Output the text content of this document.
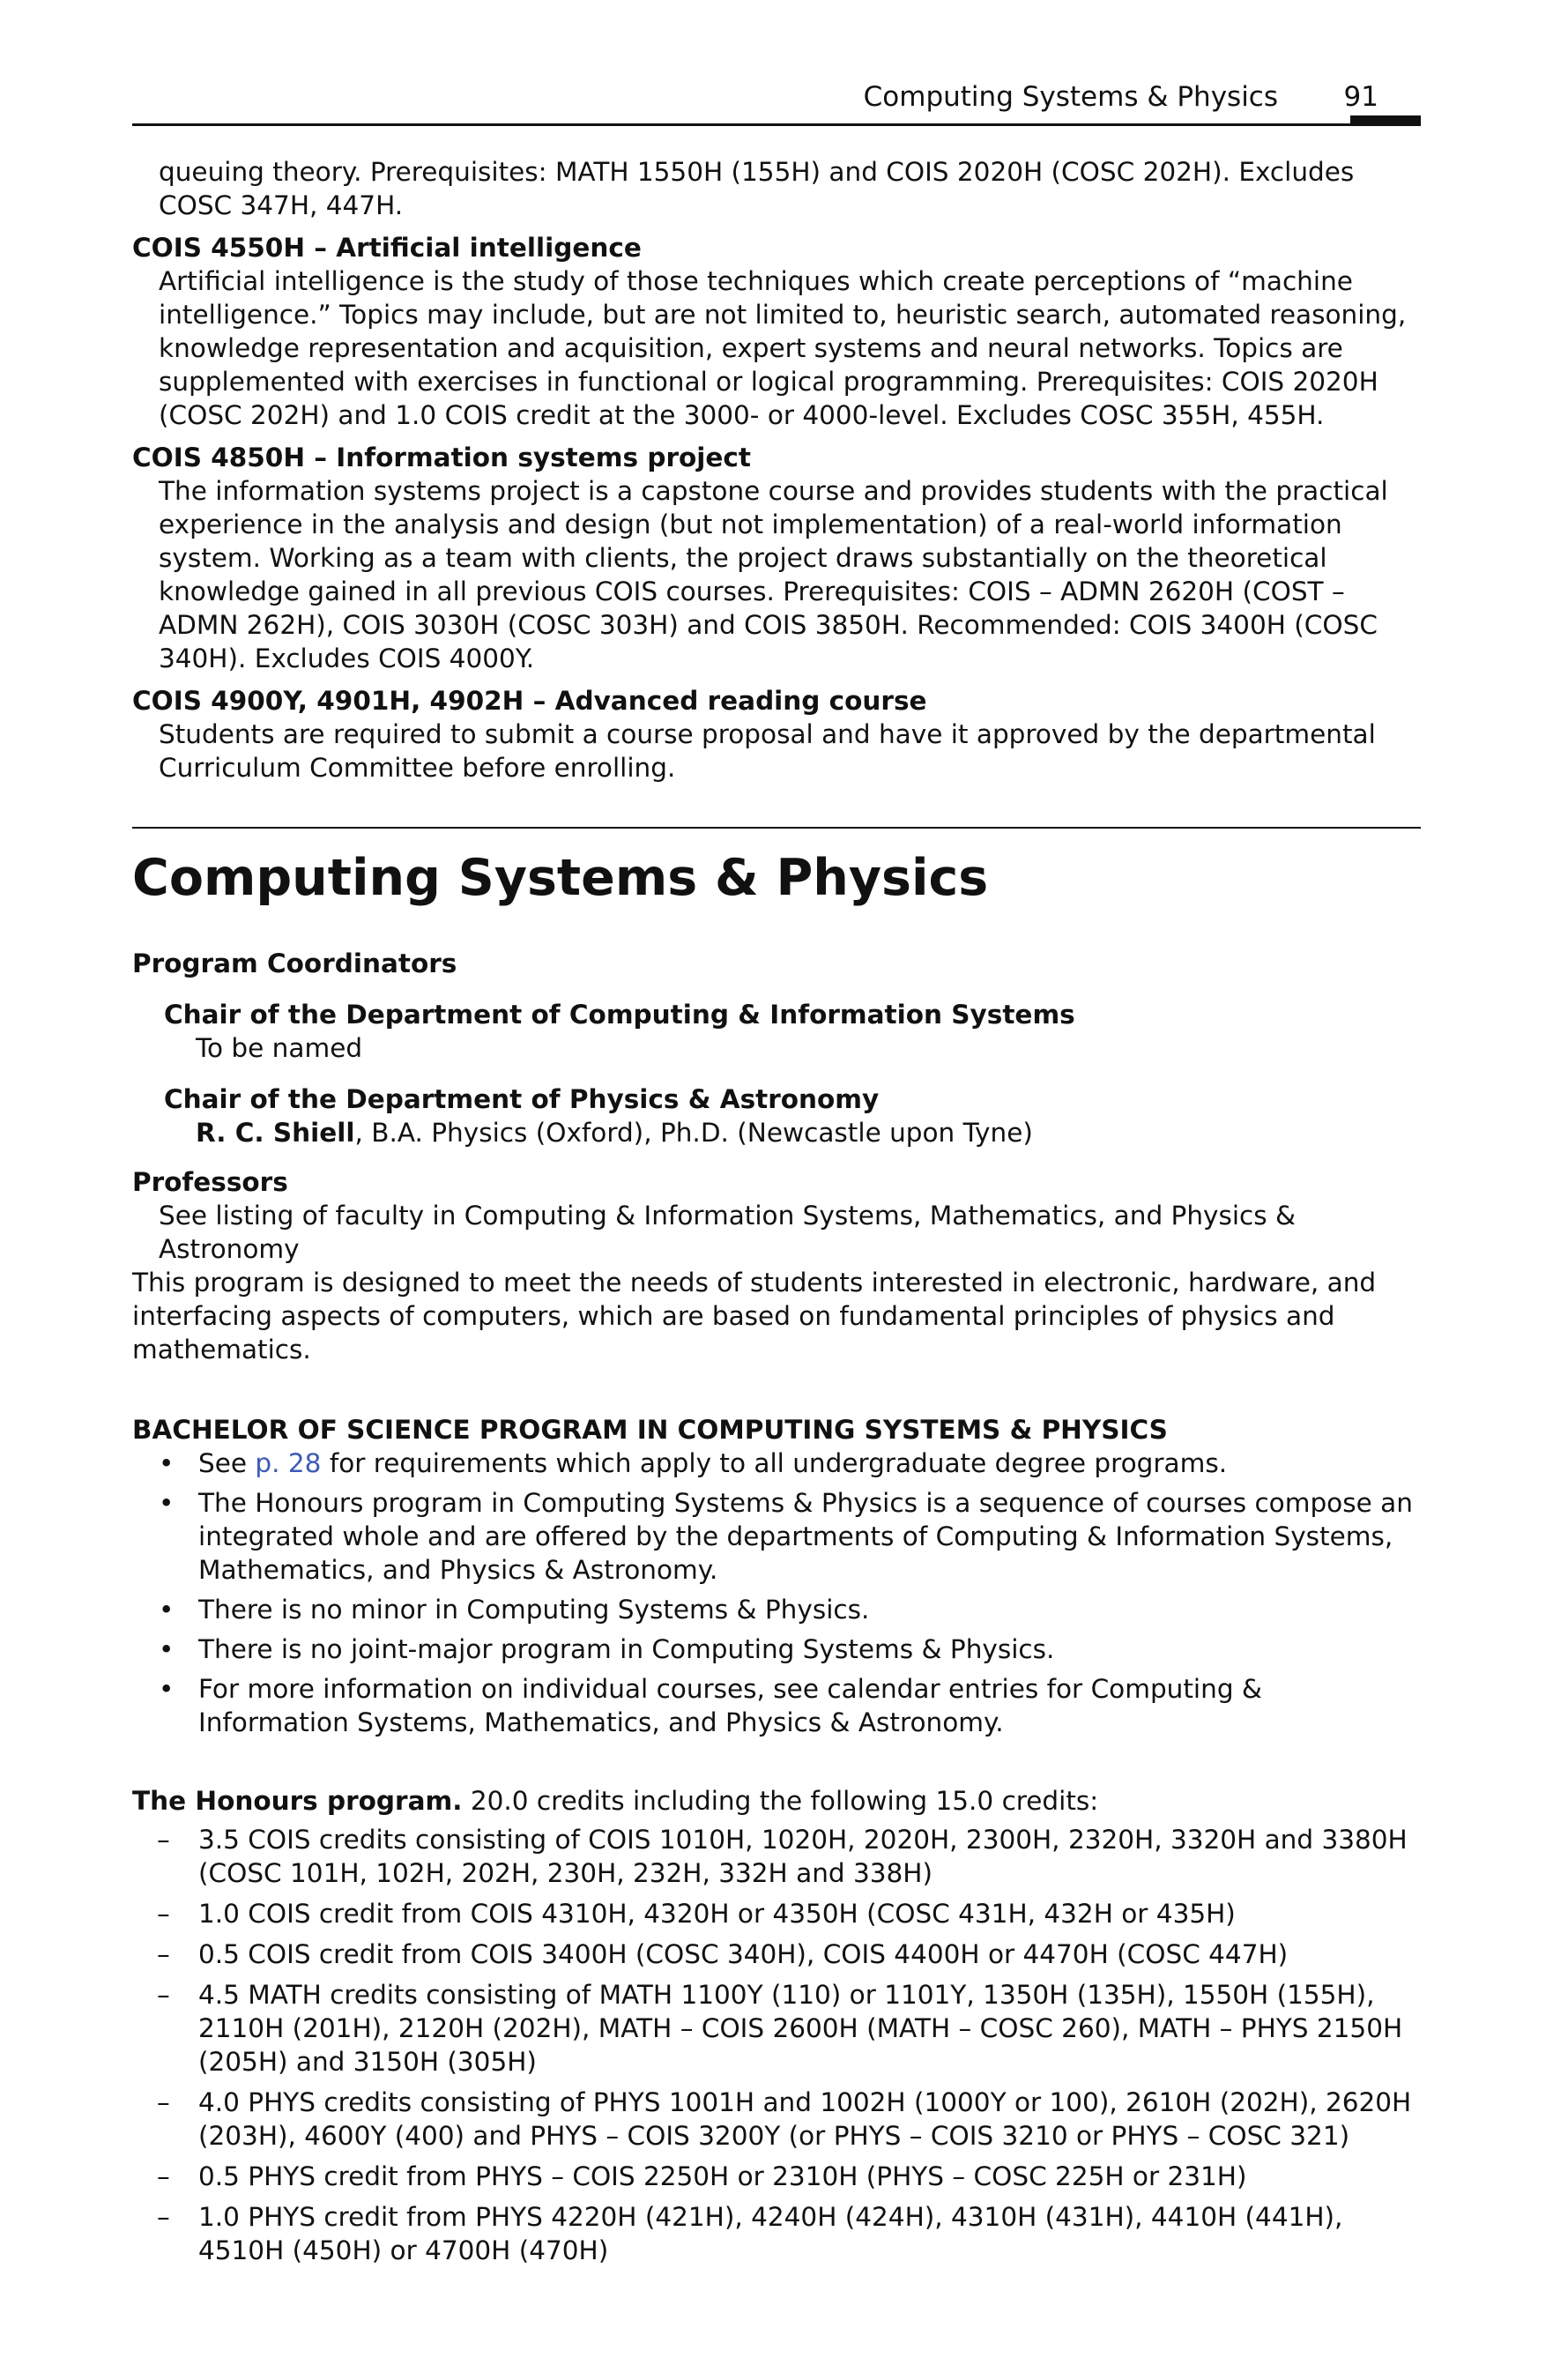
Computing Systems & Physics 91
queuing theory. Prerequisites: MATH 1550H (155H) and COIS 2020H (COSC 202H). Excludes COSC 347H, 447H.
COIS 4550H – Artificial intelligence
Artificial intelligence is the study of those techniques which create perceptions of “machine intelligence.” Topics may include, but are not limited to, heuristic search, automated reasoning, knowledge representation and acquisition, expert systems and neural networks. Topics are supplemented with exercises in functional or logical programming. Prerequisites: COIS 2020H (COSC 202H) and 1.0 COIS credit at the 3000- or 4000-level. Excludes COSC 355H, 455H.
COIS 4850H – Information systems project
The information systems project is a capstone course and provides students with the practical experience in the analysis and design (but not implementation) of a real-world information system. Working as a team with clients, the project draws substantially on the theoretical knowledge gained in all previous COIS courses. Prerequisites: COIS – ADMN 2620H (COST – ADMN 262H), COIS 3030H (COSC 303H) and COIS 3850H. Recommended: COIS 3400H (COSC 340H). Excludes COIS 4000Y.
COIS 4900Y, 4901H, 4902H – Advanced reading course
Students are required to submit a course proposal and have it approved by the departmental Curriculum Committee before enrolling.
Computing Systems & Physics
Program Coordinators
Chair of the Department of Computing & Information Systems
To be named
Chair of the Department of Physics & Astronomy
R. C. Shiell, B.A. Physics (Oxford), Ph.D. (Newcastle upon Tyne)
Professors
See listing of faculty in Computing & Information Systems, Mathematics, and Physics & Astronomy
This program is designed to meet the needs of students interested in electronic, hardware, and interfacing aspects of computers, which are based on fundamental principles of physics and mathematics.
BACHELOR OF SCIENCE PROGRAM IN COMPUTING SYSTEMS & PHYSICS
• See p. 28 for requirements which apply to all undergraduate degree programs.
• The Honours program in Computing Systems & Physics is a sequence of courses compose an integrated whole and are offered by the departments of Computing & Information Systems, Mathematics, and Physics & Astronomy.
• There is no minor in Computing Systems & Physics.
• There is no joint-major program in Computing Systems & Physics.
• For more information on individual courses, see calendar entries for Computing & Information Systems, Mathematics, and Physics & Astronomy.
The Honours program. 20.0 credits including the following 15.0 credits:
– 3.5 COIS credits consisting of COIS 1010H, 1020H, 2020H, 2300H, 2320H, 3320H and 3380H (COSC 101H, 102H, 202H, 230H, 232H, 332H and 338H)
– 1.0 COIS credit from COIS 4310H, 4320H or 4350H (COSC 431H, 432H or 435H)
– 0.5 COIS credit from COIS 3400H (COSC 340H), COIS 4400H or 4470H (COSC 447H)
– 4.5 MATH credits consisting of MATH 1100Y (110) or 1101Y, 1350H (135H), 1550H (155H), 2110H (201H), 2120H (202H), MATH – COIS 2600H (MATH – COSC 260), MATH – PHYS 2150H (205H) and 3150H (305H)
– 4.0 PHYS credits consisting of PHYS 1001H and 1002H (1000Y or 100), 2610H (202H), 2620H (203H), 4600Y (400) and PHYS – COIS 3200Y (or PHYS – COIS 3210 or PHYS – COSC 321)
– 0.5 PHYS credit from PHYS – COIS 2250H or 2310H (PHYS – COSC 225H or 231H)
– 1.0 PHYS credit from PHYS 4220H (421H), 4240H (424H), 4310H (431H), 4410H (441H), 4510H (450H) or 4700H (470H)
